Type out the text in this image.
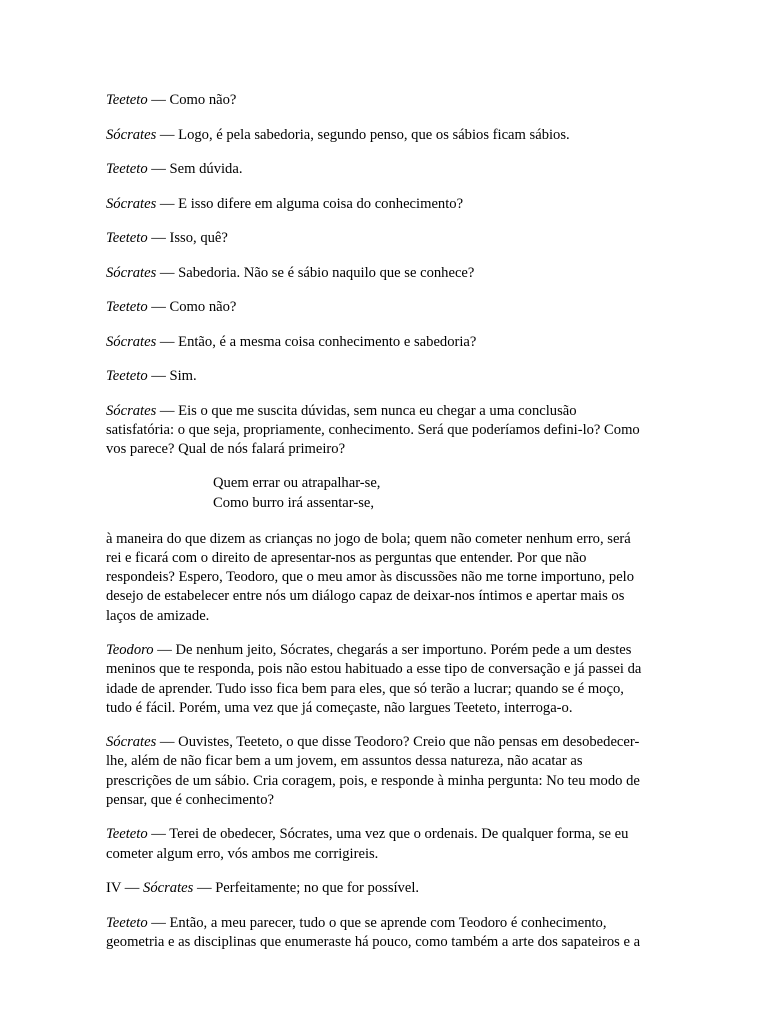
Teeteto — Como não?

Sócrates — Logo, é pela sabedoria, segundo penso, que os sábios ficam sábios.

Teeteto — Sem dúvida.

Sócrates — E isso difere em alguma coisa do conhecimento?

Teeteto — Isso, quê?

Sócrates — Sabedoria. Não se é sábio naquilo que se conhece?

Teeteto — Como não?

Sócrates — Então, é a mesma coisa conhecimento e sabedoria?

Teeteto — Sim.

Sócrates — Eis o que me suscita dúvidas, sem nunca eu chegar a uma conclusão satisfatória: o que seja, propriamente, conhecimento. Será que poderíamos defini-lo? Como vos parece? Qual de nós falará primeiro?

Quem errar ou atrapalhar-se,
Como burro irá assentar-se,

à maneira do que dizem as crianças no jogo de bola; quem não cometer nenhum erro, será rei e ficará com o direito de apresentar-nos as perguntas que entender. Por que não respondeis? Espero, Teodoro, que o meu amor às discussões não me torne importuno, pelo desejo de estabelecer entre nós um diálogo capaz de deixar-nos íntimos e apertar mais os laços de amizade.

Teodoro — De nenhum jeito, Sócrates, chegarás a ser importuno. Porém pede a um destes meninos que te responda, pois não estou habituado a esse tipo de conversação e já passei da idade de aprender. Tudo isso fica bem para eles, que só terão a lucrar; quando se é moço, tudo é fácil. Porém, uma vez que já começaste, não largues Teeteto, interroga-o.

Sócrates — Ouvistes, Teeteto, o que disse Teodoro? Creio que não pensas em desobedecer-lhe, além de não ficar bem a um jovem, em assuntos dessa natureza, não acatar as prescrições de um sábio. Cria coragem, pois, e responde à minha pergunta: No teu modo de pensar, que é conhecimento?

Teeteto — Terei de obedecer, Sócrates, uma vez que o ordenais. De qualquer forma, se eu cometer algum erro, vós ambos me corrigireis.

IV — Sócrates — Perfeitamente; no que for possível.

Teeteto — Então, a meu parecer, tudo o que se aprende com Teodoro é conhecimento, geometria e as disciplinas que enumeraste há pouco, como também a arte dos sapateiros e a
